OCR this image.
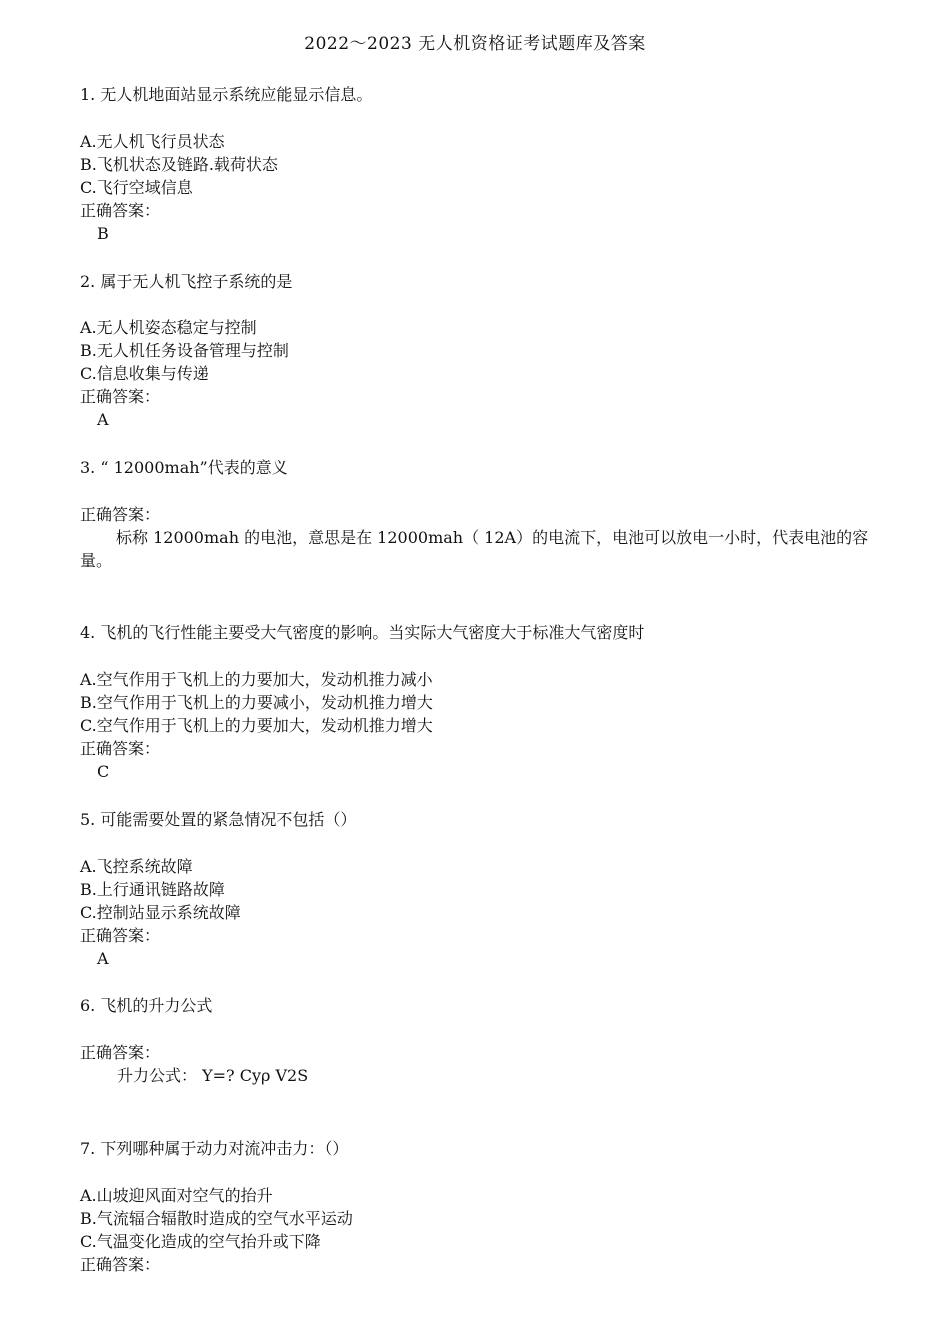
2022～2023 无人机资格证考试题库及答案
1. 无人机地面站显示系统应能显示信息。
A.无人机飞行员状态
B.飞机状态及链路.载荷状态
C.飞行空域信息
正确答案：
B
2. 属于无人机飞控子系统的是
A.无人机姿态稳定与控制
B.无人机任务设备管理与控制
C.信息收集与传递
正确答案：
A
3. “ 12000mah”代表的意义
正确答案：
标称 12000mah 的电池，意思是在 12000mah（ 12A）的电流下，电池可以放电一小时，代表电池的容量。
4. 飞机的飞行性能主要受大气密度的影响。当实际大气密度大于标准大气密度时
A.空气作用于飞机上的力要加大，发动机推力减小
B.空气作用于飞机上的力要减小，发动机推力增大
C.空气作用于飞机上的力要加大，发动机推力增大
正确答案：
C
5. 可能需要处置的紧急情况不包括（）
A.飞控系统故障
B.上行通讯链路故障
C.控制站显示系统故障
正确答案：
A
6. 飞机的升力公式
正确答案：
升力公式： Y=? Cyρ V2S
7. 下列哪种属于动力对流冲击力：（）
A.山坡迎风面对空气的抬升
B.气流辐合辐散时造成的空气水平运动
C.气温变化造成的空气抬升或下降
正确答案：
